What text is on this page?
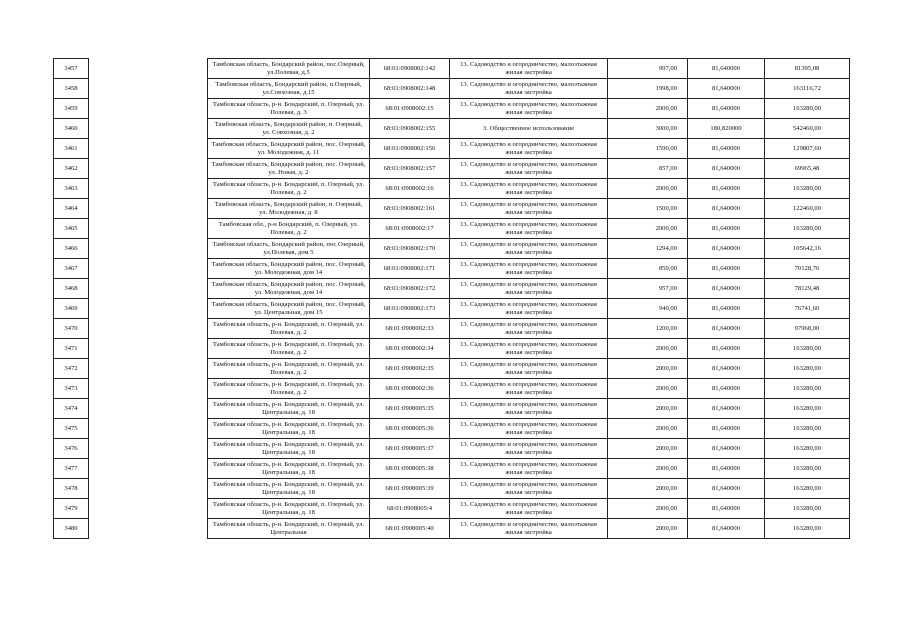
3457		Тамбовская область, Бондарский район, пос.Озерный, ул.Полевая, д.5	68:01:0908002:142	13. Садоводство и огородничество, малоэтажная жилая застройка	997,00	81,640000	81395,08
3458		Тамбовская область, Бондарский район, п.Озерный, ул.Совхозная, д.15	68:01:0908002:148	13. Садоводство и огородничество, малоэтажная жилая застройка	1998,00	81,640000	163116,72
3459		Тамбовская область, р-н. Бондарский, п. Озерный, ул. Полевая, д. 3	68:01:0908002:15	13. Садоводство и огородничество, малоэтажная жилая застройка	2000,00	81,640000	163280,00
3460		Тамбовская область, Бондарский район, п. Озерный, ул. Совхозная, д. 2	68:01:0908002:155	3. Общественное использование	3000,00	180,820000	542460,00
3461		Тамбовская область, Бондарский район, пос. Озерный, ул. Молодежная, д. 11	68:01:0908002:156	13. Садоводство и огородничество, малоэтажная жилая застройка	1590,00	81,640000	129807,60
3462		Тамбовская область, Бондарский район, пос. Озерный, ул. Новая, д. 2	68:01:0908002:157	13. Садоводство и огородничество, малоэтажная жилая застройка	857,00	81,640000	69965,48
3463		Тамбовская область, р-н. Бондарский, п. Озерный, ул. Полевая, д. 2	68:01:0908002:16	13. Садоводство и огородничество, малоэтажная жилая застройка	2000,00	81,640000	163280,00
3464		Тамбовская область, Бондарский район, п. Озерный, ул. Молодежная, д. 8	68:01:0908002:161	13. Садоводство и огородничество, малоэтажная жилая застройка	1500,00	81,640000	122460,00
3465		Тамбовская обл., р-н Бондарский, п. Озерный, ул. Полевая, д. 2	68:01:0908002:17	13. Садоводство и огородничество, малоэтажная жилая застройка	2000,00	81,640000	163280,00
3466		Тамбовская область, Бондарский район, пос.Озерный, ул.Полевая, дом 5	68:01:0908002:170	13. Садоводство и огородничество, малоэтажная жилая застройка	1294,00	81,640000	105642,16
3467		Тамбовская область, Бондарский район, пос. Озерный, ул. Молодежная, дом 14	68:01:0908002:171	13. Садоводство и огородничество, малоэтажная жилая застройка	859,00	81,640000	70128,76
3468		Тамбовская область, Бондарский район, пос. Озерный, ул. Молодежная, дом 14	68:01:0908002:172	13. Садоводство и огородничество, малоэтажная жилая застройка	957,00	81,640000	78129,48
3469		Тамбовская область, Бондарский район, пос. Озерный, ул. Центральная, дом 15	68:01:0908002:173	13. Садоводство и огородничество, малоэтажная жилая застройка	940,00	81,640000	76741,60
3470		Тамбовская область, р-н. Бондарский, п. Озерный, ул. Полевая, д. 2	68:01:0908002:33	13. Садоводство и огородничество, малоэтажная жилая застройка	1200,00	81,640000	97968,00
3471		Тамбовская область, р-н. Бондарский, п. Озерный, ул. Полевая, д. 2	68:01:0908002:34	13. Садоводство и огородничество, малоэтажная жилая застройка	2000,00	81,640000	163280,00
3472		Тамбовская область, р-н. Бондарский, п. Озерный, ул. Полевая, д. 2	68:01:0908002:35	13. Садоводство и огородничество, малоэтажная жилая застройка	2000,00	81,640000	163280,00
3473		Тамбовская область, р-н. Бондарский, п. Озерный, ул. Полевая, д. 2	68:01:0908002:36	13. Садоводство и огородничество, малоэтажная жилая застройка	2000,00	81,640000	163280,00
3474		Тамбовская область, р-н. Бондарский, п. Озерный, ул. Центральная, д. 18	68:01:0908005:35	13. Садоводство и огородничество, малоэтажная жилая застройка	2000,00	81,640000	163280,00
3475		Тамбовская область, р-н. Бондарский, п. Озерный, ул. Центральная, д. 18	68:01:0908005:36	13. Садоводство и огородничество, малоэтажная жилая застройка	2000,00	81,640000	163280,00
3476		Тамбовская область, р-н. Бондарский, п. Озерный, ул. Центральная, д. 18	68:01:0908005:37	13. Садоводство и огородничество, малоэтажная жилая застройка	2000,00	81,640000	163280,00
3477		Тамбовская область, р-н. Бондарский, п. Озерный, ул. Центральная, д. 18	68:01:0908005:38	13. Садоводство и огородничество, малоэтажная жилая застройка	2000,00	81,640000	163280,00
3478		Тамбовская область, р-н. Бондарский, п. Озерный, ул. Центральная, д. 18	68:01:0908005:39	13. Садоводство и огородничество, малоэтажная жилая застройка	2000,00	81,640000	163280,00
3479		Тамбовская область, р-н. Бондарский, п. Озерный, ул. Центральная, д. 18	68:01:0908005:4	13. Садоводство и огородничество, малоэтажная жилая застройка	2000,00	81,640000	163280,00
3480		Тамбовская область, р-н. Бондарский, п. Озерный, ул. Центральная	68:01:0908005:40	13. Садоводство и огородничество, малоэтажная жилая застройка	2000,00	81,640000	163280,00
